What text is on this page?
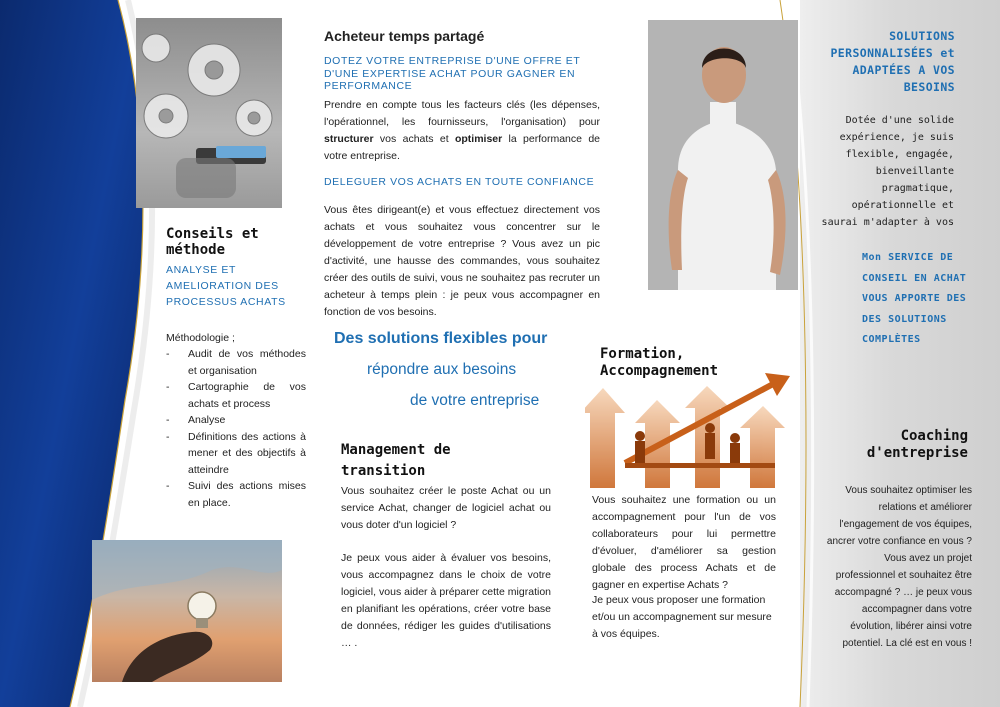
Conseils et méthode
ANALYSE ET AMELIORATION DES PROCESSUS ACHATS
Méthodologie ;
- Audit de vos méthodes et organisation
- Cartographie de vos achats et process
- Analyse
- Définitions des actions à mener et des objectifs à atteindre
- Suivi des actions mises en place.
Acheteur temps partagé
DOTEZ VOTRE ENTREPRISE D'UNE OFFRE ET D'UNE EXPERTISE ACHAT POUR GAGNER EN PERFORMANCE
Prendre en compte tous les facteurs clés (les dépenses, l'opérationnel, les fournisseurs, l'organisation) pour structurer vos achats et optimiser la performance de votre entreprise.
DELEGUER VOS ACHATS EN TOUTE CONFIANCE
Vous êtes dirigeant(e) et vous effectuez directement vos achats et vous souhaitez vous concentrer sur le développement de votre entreprise ? Vous avez un pic d'activité, une hausse des commandes, vous souhaitez créer des outils de suivi, vous ne souhaitez pas recruter un acheteur à temps plein : je peux vous accompagner en fonction de vos besoins.
Des solutions flexibles pour
répondre aux besoins
de votre entreprise
Management de transition
Vous souhaitez créer le poste Achat ou un service Achat, changer de logiciel achat ou vous doter d'un logiciel ?
Je peux vous aider à évaluer vos besoins, vous accompagnez dans le choix de votre logiciel, vous aider à préparer cette migration en planifiant les opérations, créer votre base de données, rédiger les guides d'utilisations … .
Formation, Accompagnement
Vous souhaitez une formation ou un accompagnement pour l'un de vos collaborateurs pour lui permettre d'évoluer, d'améliorer sa gestion globale des process Achats et de gagner en expertise Achats ?
Je peux vous proposer une formation et/ou un accompagnement sur mesure à vos équipes.
SOLUTIONS PERSONNALISÉES et ADAPTÉES A VOS BESOINS
Dotée d'une solide expérience, je suis flexible, engagée, bienveillante pragmatique, opérationnelle et saurai m'adapter à vos
Mon SERVICE DE CONSEIL EN ACHAT VOUS APPORTE DES DES SOLUTIONS COMPLÈTES
Coaching d'entreprise
Vous souhaitez optimiser les relations et améliorer l'engagement de vos équipes, ancrer votre confiance en vous ? Vous avez un projet professionnel et souhaitez être accompagné ? … je peux vous accompagner dans votre évolution, libérer ainsi votre potentiel. La clé est en vous !
